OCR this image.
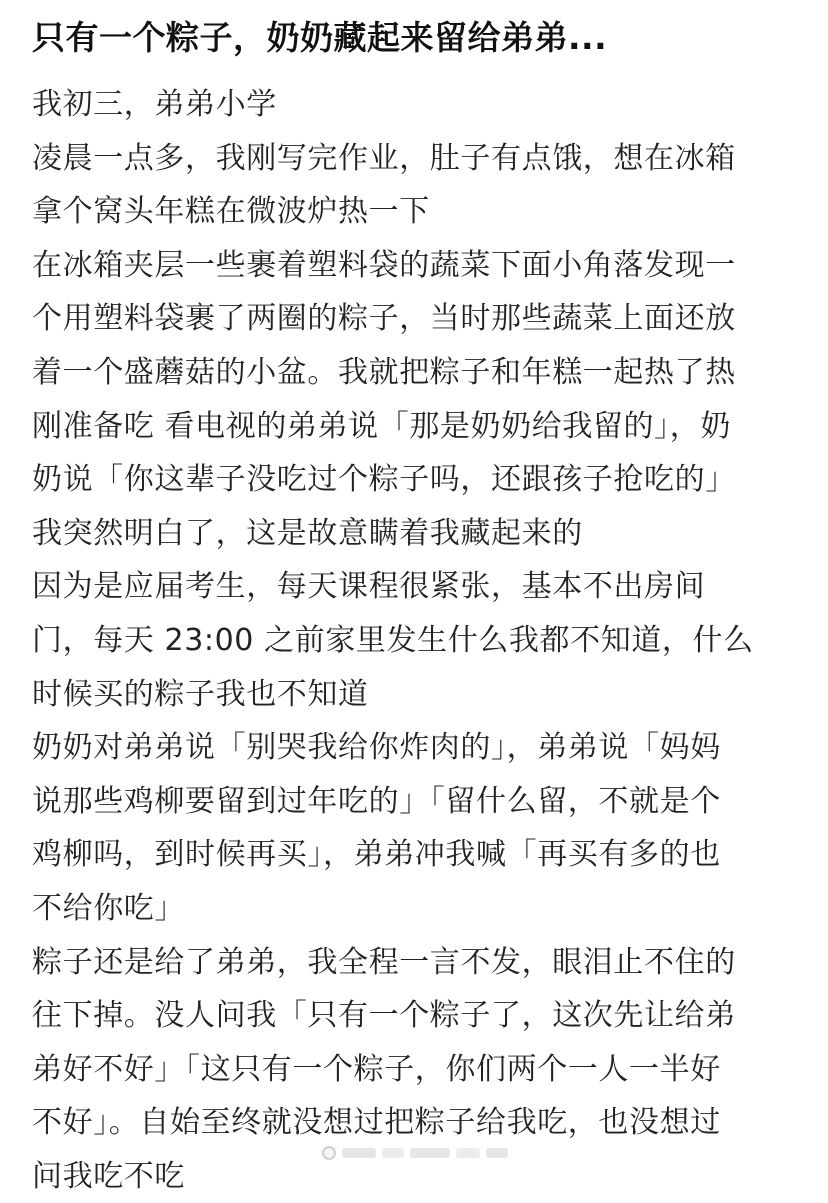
只有一个粽子，奶奶藏起来留给弟弟...
我初三，弟弟小学
凌晨一点多，我刚写完作业，肚子有点饿，想在冰箱
拿个窝头年糕在微波炉热一下
在冰箱夹层一些裹着塑料袋的蔬菜下面小角落发现一
个用塑料袋裹了两圈的粽子，当时那些蔬菜上面还放
着一个盛蘑菇的小盆。我就把粽子和年糕一起热了热
刚准备吃 看电视的弟弟说「那是奶奶给我留的」，奶
奶说「你这辈子没吃过个粽子吗，还跟孩子抢吃的」
我突然明白了，这是故意瞒着我藏起来的
因为是应届考生，每天课程很紧张，基本不出房间
门，每天 23:00 之前家里发生什么我都不知道，什么
时候买的粽子我也不知道
奶奶对弟弟说「别哭我给你炸肉的」，弟弟说「妈妈
说那些鸡柳要留到过年吃的」「留什么留，不就是个
鸡柳吗，到时候再买」，弟弟冲我喊「再买有多的也
不给你吃」
粽子还是给了弟弟，我全程一言不发，眼泪止不住的
往下掉。没人问我「只有一个粽子了，这次先让给弟
弟好不好」「这只有一个粽子，你们两个一人一半好
不好」。自始至终就没想过把粽子给我吃，也没想过
问我吃不吃
